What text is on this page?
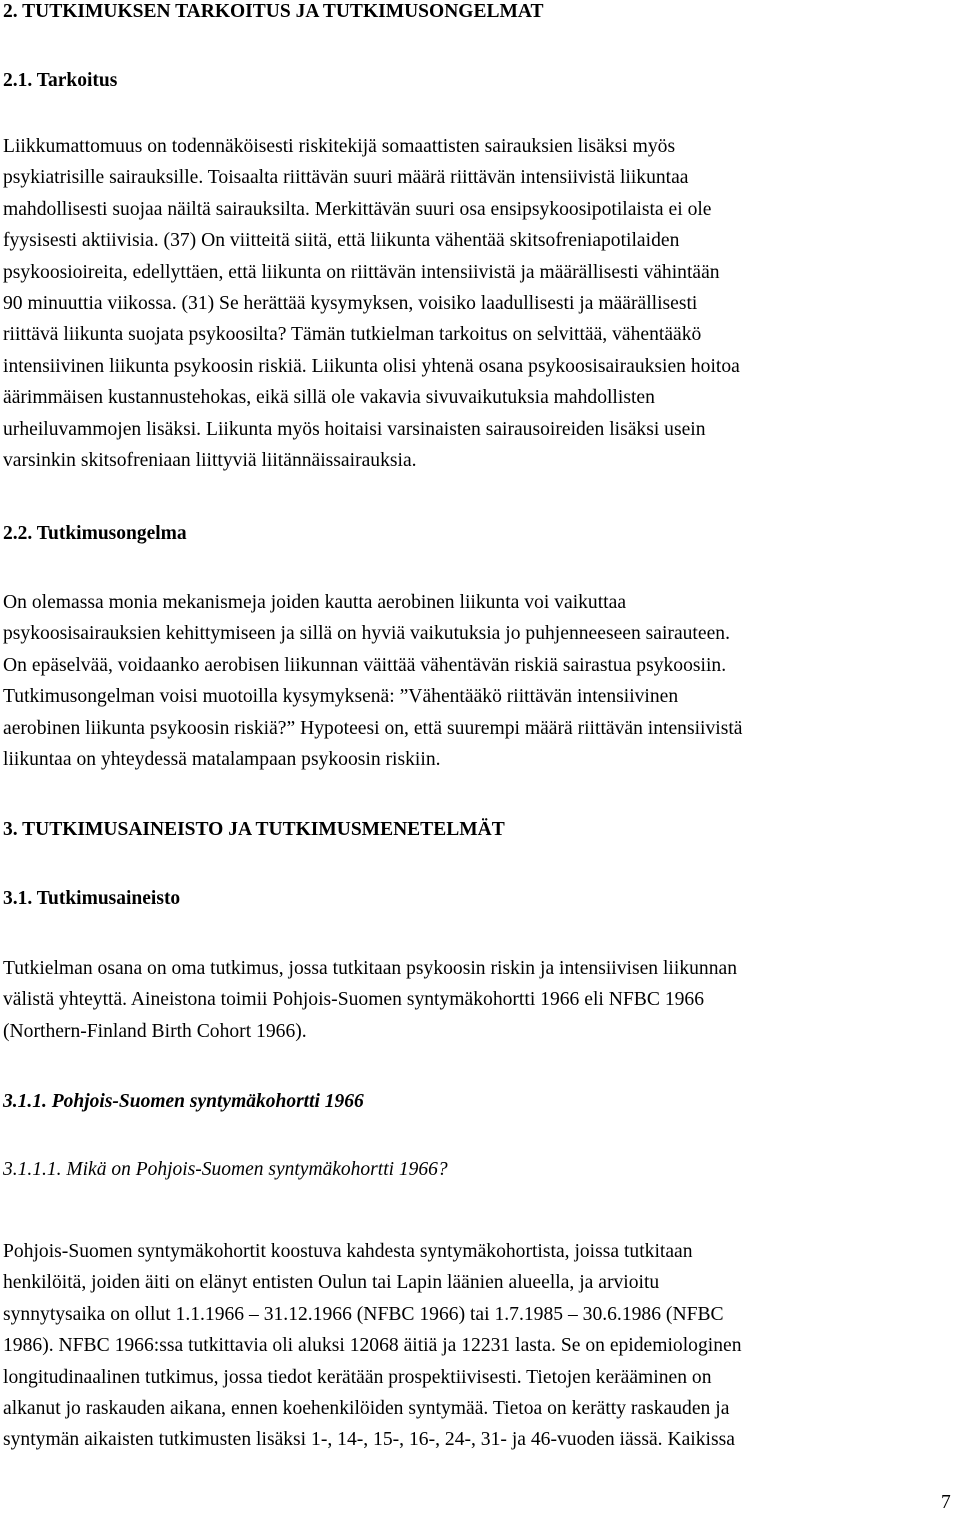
2. TUTKIMUKSEN TARKOITUS JA TUTKIMUSONGELMAT
2.1. Tarkoitus
Liikkumattomuus on todennäköisesti riskitekijä somaattisten sairauksien lisäksi myös
psykiatrisille sairauksille. Toisaalta riittävän suuri määrä riittävän intensiivistä liikuntaa
mahdollisesti suojaa näiltä sairauksilta. Merkittävän suuri osa ensipsykoosipotilaista ei ole
fyysisesti aktiivisia. (37) On viitteitä siitä, että liikunta vähentää skitsofreniapotilaiden
psykoosioireita, edellyttäen, että liikunta on riittävän intensiivistä ja määrällisesti vähintään
90 minuuttia viikossa. (31) Se herättää kysymyksen, voisiko laadullisesti ja määrällisesti
riittävä liikunta suojata psykoosilta? Tämän tutkielman tarkoitus on selvittää, vähentääkö
intensiivinen liikunta psykoosin riskiä. Liikunta olisi yhtenä osana psykoosisairauksien hoitoa
äärimmäisen kustannustehokas, eikä sillä ole vakavia sivuvaikutuksia mahdollisten
urheiluvammojen lisäksi. Liikunta myös hoitaisi varsinaisten sairausoireiden lisäksi usein
varsinkin skitsofreniaan liittyviä liitännäissairauksia.
2.2. Tutkimusongelma
On olemassa monia mekanismeja joiden kautta aerobinen liikunta voi vaikuttaa
psykoosisairauksien kehittymiseen ja sillä on hyviä vaikutuksia jo puhjenneeseen sairauteen.
On epäselvää, voidaanko aerobisen liikunnan väittää vähentävän riskiä sairastua psykoosiin.
Tutkimusongelman voisi muotoilla kysymyksenä: ”Vähentääkö riittävän intensiivinen
aerobinen liikunta psykoosin riskiä?” Hypoteesi on, että suurempi määrä riittävän intensiivistä
liikuntaa on yhteydessä matalampaan psykoosin riskiin.
3. TUTKIMUSAINEISTO JA TUTKIMUSMENETELMÄT
3.1. Tutkimusaineisto
Tutkielman osana on oma tutkimus, jossa tutkitaan psykoosin riskin ja intensiivisen liikunnan
välistä yhteyttä. Aineistona toimii Pohjois-Suomen syntymäkohortti 1966 eli NFBC 1966
(Northern-Finland Birth Cohort 1966).
3.1.1. Pohjois-Suomen syntymäkohortti 1966
3.1.1.1. Mikä on Pohjois-Suomen syntymäkohortti 1966?
Pohjois-Suomen syntymäkohortit koostuva kahdesta syntymäkohortista, joissa tutkitaan
henkilöitä, joiden äiti on elänyt entisten Oulun tai Lapin läänien alueella, ja arvioitu
synnytysaika on ollut 1.1.1966 – 31.12.1966 (NFBC 1966) tai 1.7.1985 – 30.6.1986 (NFBC
1986). NFBC 1966:ssa tutkittavia oli aluksi 12068 äitiä ja 12231 lasta. Se on epidemiologinen
longitudinaalinen tutkimus, jossa tiedot kerätään prospektiivisesti. Tietojen kerääminen on
alkanut jo raskauden aikana, ennen koehenkilöiden syntymää. Tietoa on kerätty raskauden ja
syntymän aikaisten tutkimusten lisäksi 1-, 14-, 15-, 16-, 24-, 31- ja 46-vuoden iässä. Kaikissa

7
